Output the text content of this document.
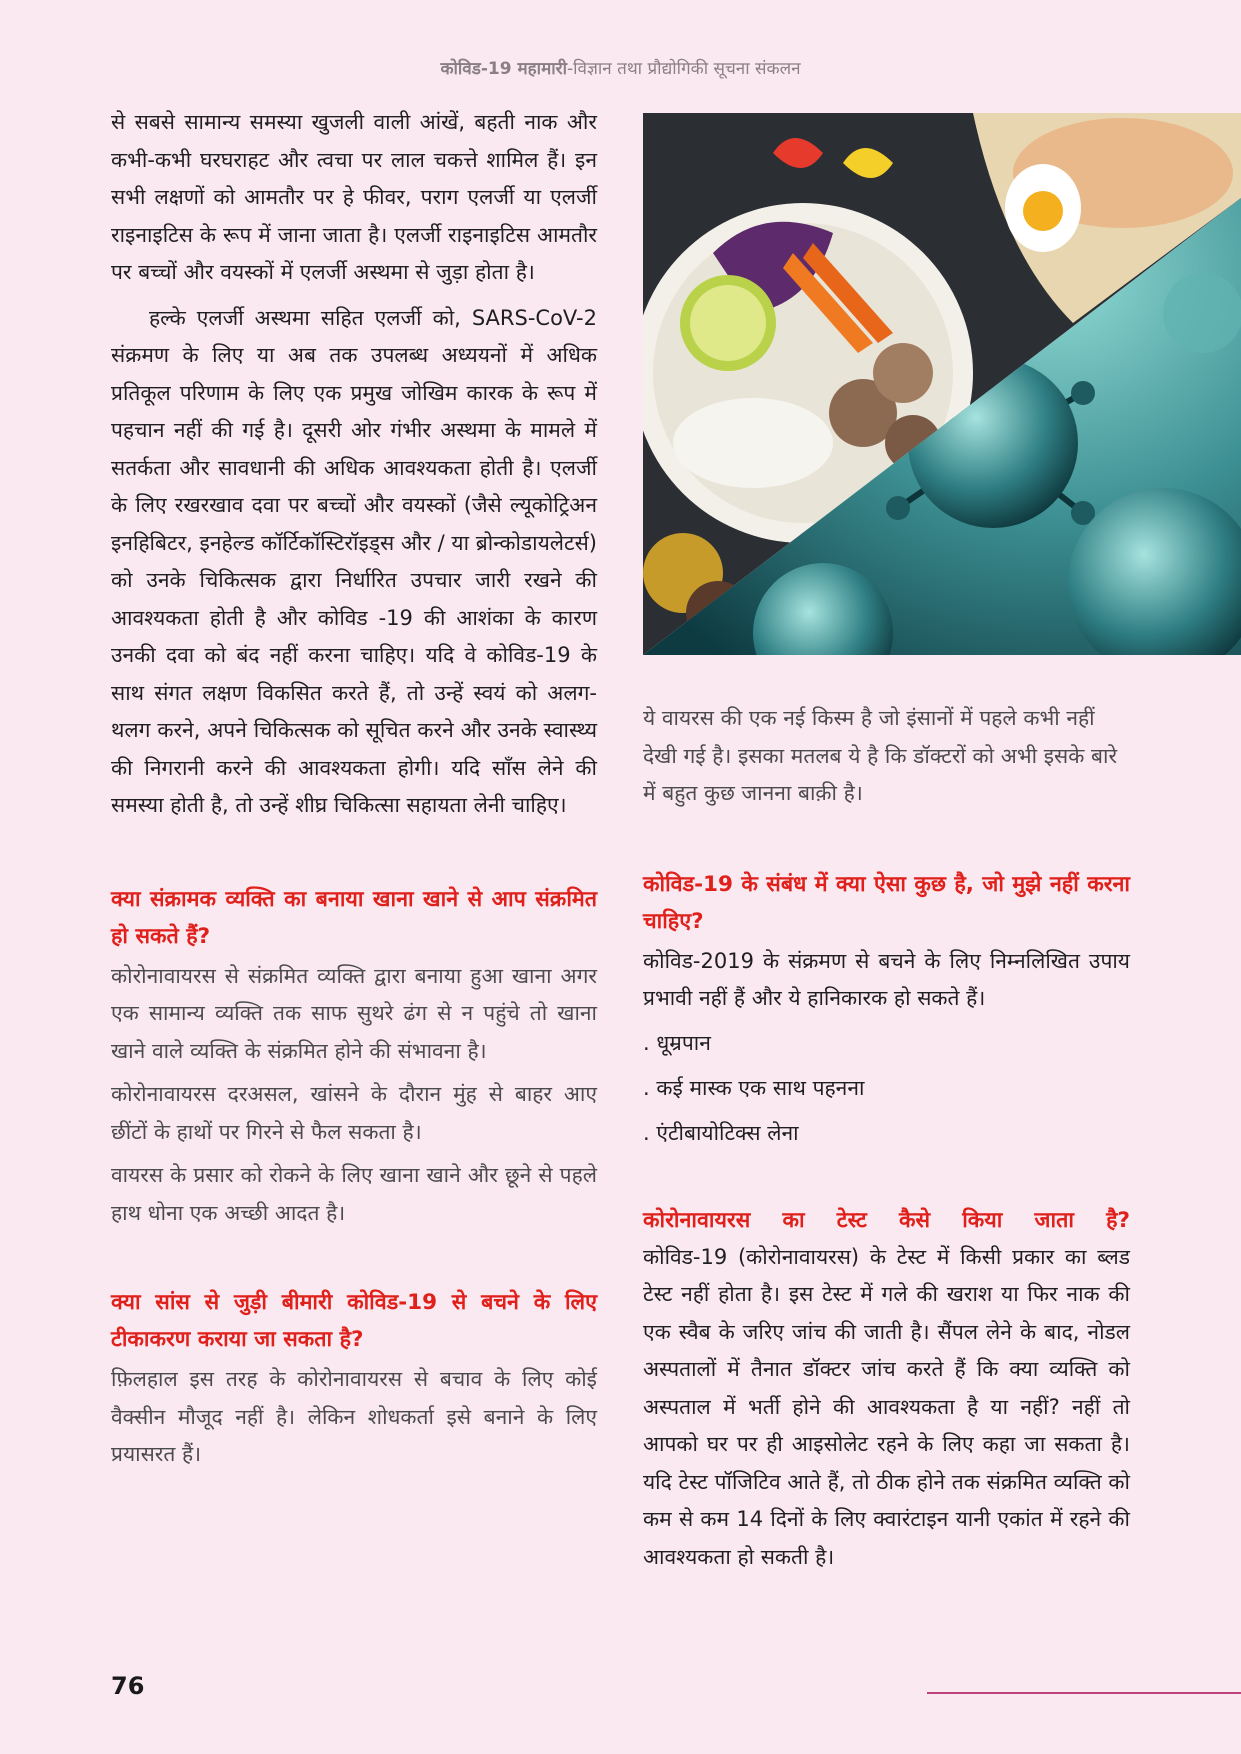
कोविड-19 महामारी-विज्ञान तथा प्रौद्योगिकी सूचना संकलन

से सबसे सामान्य समस्या खुजली वाली आंखें, बहती नाक और कभी-कभी घरघराहट और त्वचा पर लाल चकत्ते शामिल हैं। इन सभी लक्षणों को आमतौर पर हे फीवर, पराग एलर्जी या एलर्जी राइनाइटिस के रूप में जाना जाता है। एलर्जी राइनाइटिस आमतौर पर बच्चों और वयस्कों में एलर्जी अस्थमा से जुड़ा होता है।

हल्के एलर्जी अस्थमा सहित एलर्जी को, SARS-CoV-2 संक्रमण के लिए या अब तक उपलब्ध अध्ययनों में अधिक प्रतिकूल परिणाम के लिए एक प्रमुख जोखिम कारक के रूप में पहचान नहीं की गई है। दूसरी ओर गंभीर अस्थमा के मामले में सतर्कता और सावधानी की अधिक आवश्यकता होती है। एलर्जी के लिए रखरखाव दवा पर बच्चों और वयस्कों (जैसे ल्यूकोट्रिअन इनहिबिटर, इनहेल्ड कॉर्टिकॉस्टिरॉइड्स और / या ब्रोन्कोडायलेटर्स) को उनके चिकित्सक द्वारा निर्धारित उपचार जारी रखने की आवश्यकता होती है और कोविड -19 की आशंका के कारण उनकी दवा को बंद नहीं करना चाहिए। यदि वे कोविड-19 के साथ संगत लक्षण विकसित करते हैं, तो उन्हें स्वयं को अलग-थलग करने, अपने चिकित्सक को सूचित करने और उनके स्वास्थ्य की निगरानी करने की आवश्यकता होगी। यदि साँस लेने की समस्या होती है, तो उन्हें शीघ्र चिकित्सा सहायता लेनी चाहिए।

क्या संक्रामक व्यक्ति का बनाया खाना खाने से आप संक्रमित हो सकते हैं?

कोरोनावायरस से संक्रमित व्यक्ति द्वारा बनाया हुआ खाना अगर एक सामान्य व्यक्ति तक साफ सुथरे ढंग से न पहुंचे तो खाना खाने वाले व्यक्ति के संक्रमित होने की संभावना है।

कोरोनावायरस दरअसल, खांसने के दौरान मुंह से बाहर आए छींटों के हाथों पर गिरने से फैल सकता है।

वायरस के प्रसार को रोकने के लिए खाना खाने और छूने से पहले हाथ धोना एक अच्छी आदत है।

क्या सांस से जुड़ी बीमारी कोविड-19 से बचने के लिए टीकाकरण कराया जा सकता है?

फ़िलहाल इस तरह के कोरोनावायरस से बचाव के लिए कोई वैक्सीन मौजूद नहीं है। लेकिन शोधकर्ता इसे बनाने के लिए प्रयासरत हैं।

ये वायरस की एक नई किस्म है जो इंसानों में पहले कभी नहीं देखी गई है। इसका मतलब ये है कि डॉक्टरों को अभी इसके बारे में बहुत कुछ जानना बाक़ी है।

कोविड-19 के संबंध में क्या ऐसा कुछ है, जो मुझे नहीं करना चाहिए?

कोविड-2019 के संक्रमण से बचने के लिए निम्नलिखित उपाय प्रभावी नहीं हैं और ये हानिकारक हो सकते हैं।

. धूम्रपान
. कई मास्क एक साथ पहनना
. एंटीबायोटिक्स लेना
कोरोनावायरस का टेस्ट कैसे किया जाता है?

कोविड-19 (कोरोनावायरस) के टेस्ट में किसी प्रकार का ब्लड टेस्ट नहीं होता है। इस टेस्ट में गले की खराश या फिर नाक की एक स्वैब के जरिए जांच की जाती है। सैंपल लेने के बाद, नोडल अस्पतालों में तैनात डॉक्टर जांच करते हैं कि क्या व्यक्ति को अस्पताल में भर्ती होने की आवश्यकता है या नहीं? नहीं तो आपको घर पर ही आइसोलेट रहने के लिए कहा जा सकता है। यदि टेस्ट पॉजिटिव आते हैं, तो ठीक होने तक संक्रमित व्यक्ति को कम से कम 14 दिनों के लिए क्वारंटाइन यानी एकांत में रहने की आवश्यकता हो सकती है।

76
